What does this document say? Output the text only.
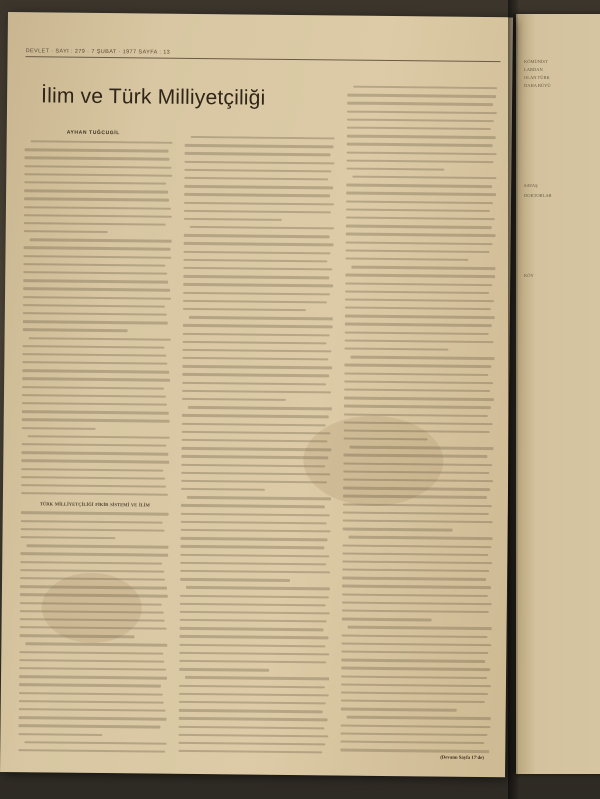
KÖMÜNİST
LARDAN
OLAN TÜRK
DAHA BÜYÜ
SAVAŞ
DOKTORLAR
KÖY
DEVLET · SAYI : 279 · 7 ŞUBAT · 1977 SAYFA : 13
İlim ve Türk Milliyetçiliği
AYHAN TUĞCUGİL

TÜRK MİLLİYETÇİLİĞİ FİKİR SİSTEMİ VE İLİM

(Devamı Sayfa 17'de)
